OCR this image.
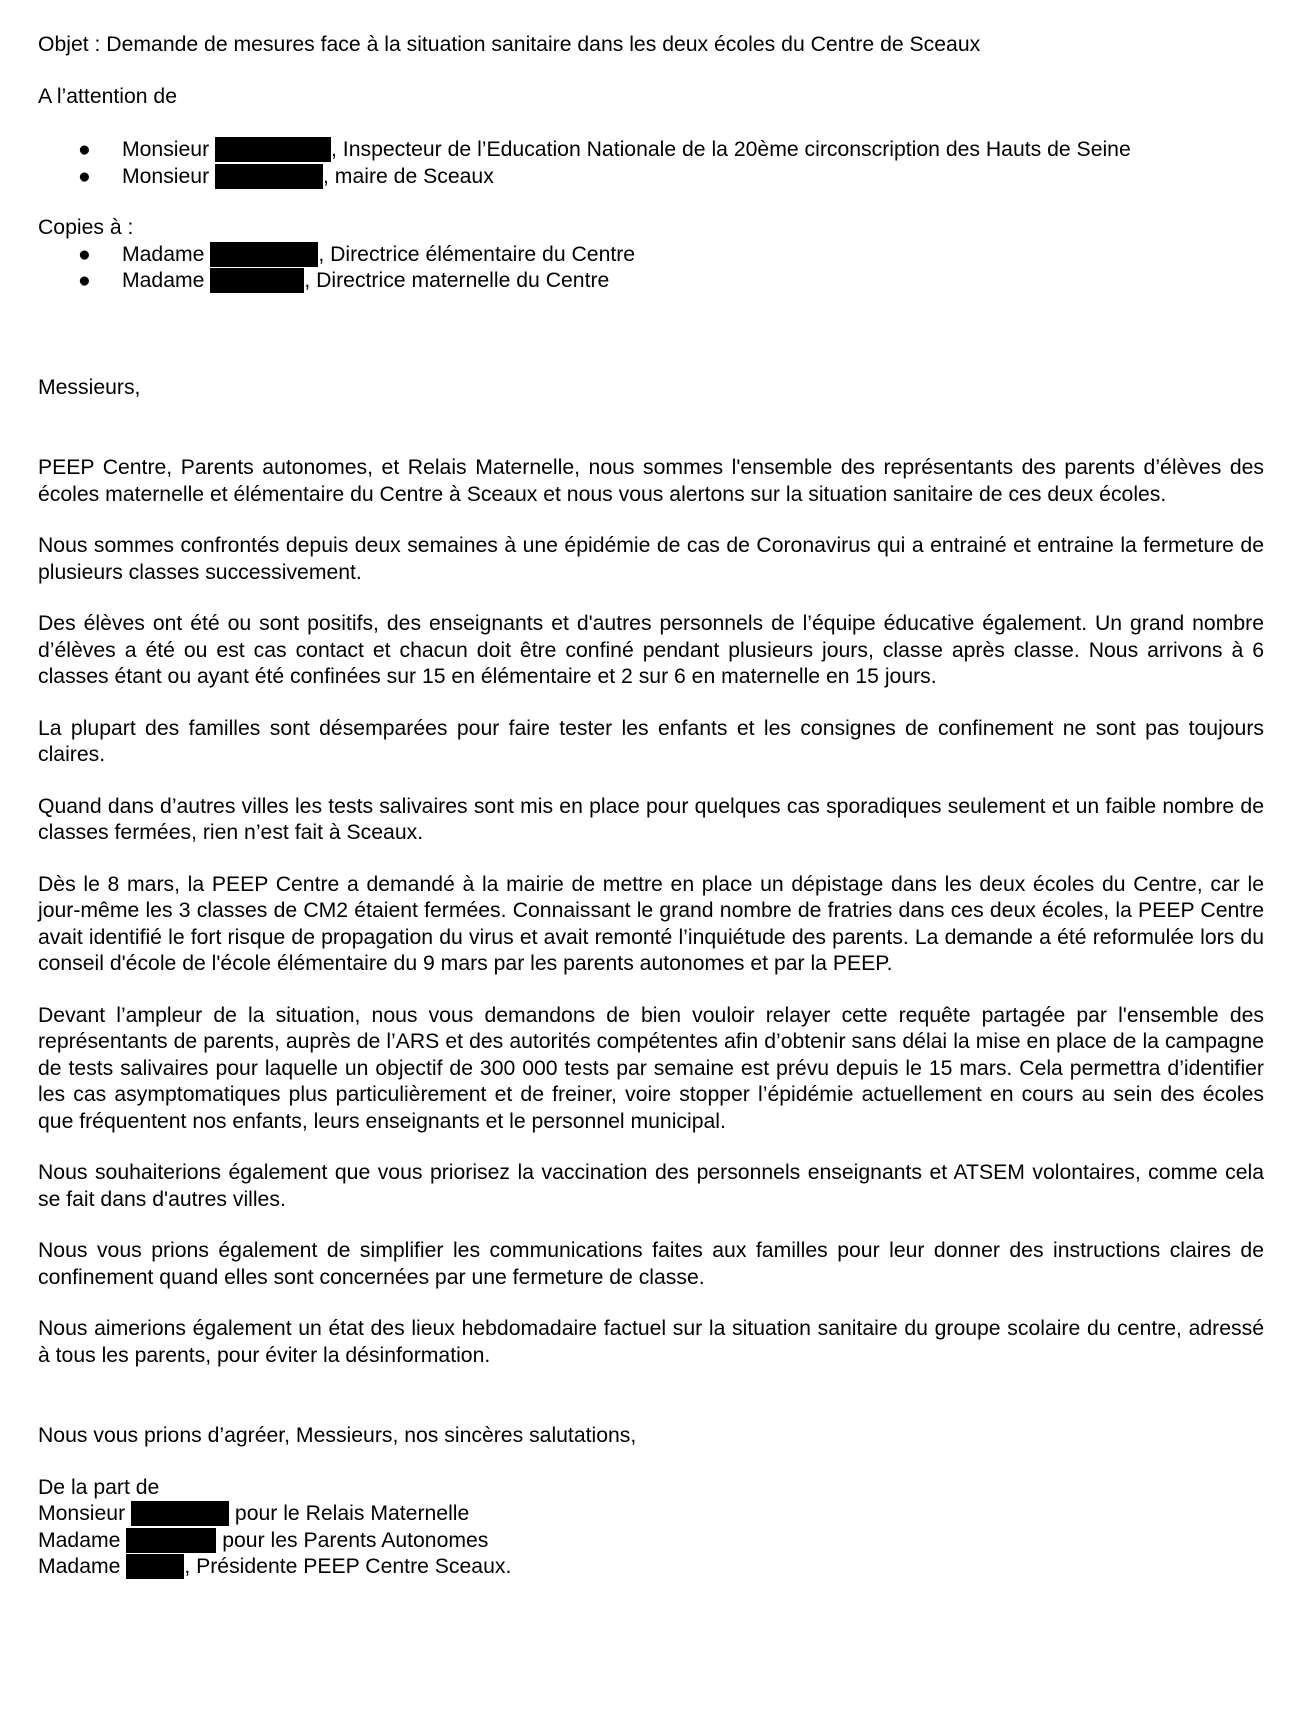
Objet : Demande de mesures face à la situation sanitaire dans les deux écoles du Centre de Sceaux

A l’attention de

● Monsieur	, Inspecteur de l’Education Nationale de la 20ème circonscription des Hauts de Seine
● Monsieur	, maire de Sceaux

Copies à :

● Madame	, Directrice élémentaire du Centre
● Madame	, Directrice maternelle du Centre

Messieurs,

PEEP Centre, Parents autonomes, et Relais Maternelle, nous sommes l'ensemble des représentants des parents d’élèves des écoles maternelle et élémentaire du Centre à Sceaux et nous vous alertons sur la situation sanitaire de ces deux écoles.

Nous sommes confrontés depuis deux semaines à une épidémie de cas de Coronavirus qui a entrainé et entraine la fermeture de plusieurs classes successivement.

Des élèves ont été ou sont positifs, des enseignants et d'autres personnels de l’équipe éducative également. Un grand nombre d’élèves a été ou est cas contact et chacun doit être confiné pendant plusieurs jours, classe après classe. Nous arrivons à 6 classes étant ou ayant été confinées sur 15 en élémentaire et 2 sur 6 en maternelle en 15 jours.

La plupart des familles sont désemparées pour faire tester les enfants et les consignes de confinement ne sont pas toujours claires.

Quand dans d’autres villes les tests salivaires sont mis en place pour quelques cas sporadiques seulement et un faible nombre de classes fermées, rien n’est fait à Sceaux.

Dès le 8 mars, la PEEP Centre a demandé à la mairie de mettre en place un dépistage dans les deux écoles du Centre, car le jour-même les 3 classes de CM2 étaient fermées. Connaissant le grand nombre de fratries dans ces deux écoles, la PEEP Centre avait identifié le fort risque de propagation du virus et avait remonté l’inquiétude des parents. La demande a été reformulée lors du conseil d'école de l'école élémentaire du 9 mars par les parents autonomes et par la PEEP.

Devant l’ampleur de la situation, nous vous demandons de bien vouloir relayer cette requête partagée par l'ensemble des représentants de parents, auprès de l’ARS et des autorités compétentes afin d’obtenir sans délai la mise en place de la campagne de tests salivaires pour laquelle un objectif de 300 000 tests par semaine est prévu depuis le 15 mars. Cela permettra d’identifier les cas asymptomatiques plus particulièrement et de freiner, voire stopper l’épidémie actuellement en cours au sein des écoles que fréquentent nos enfants, leurs enseignants et le personnel municipal.

Nous souhaiterions également que vous priorisez la vaccination des personnels enseignants et ATSEM volontaires, comme cela se fait dans d'autres villes.

Nous vous prions également de simplifier les communications faites aux familles pour leur donner des instructions claires de confinement quand elles sont concernées par une fermeture de classe.

Nous aimerions également un état des lieux hebdomadaire factuel sur la situation sanitaire du groupe scolaire du centre, adressé à tous les parents, pour éviter la désinformation.

Nous vous prions d’agréer, Messieurs, nos sincères salutations,

De la part de

Monsieur	pour le Relais Maternelle
Madame	pour les Parents Autonomes
Madame	, Présidente PEEP Centre Sceaux.
